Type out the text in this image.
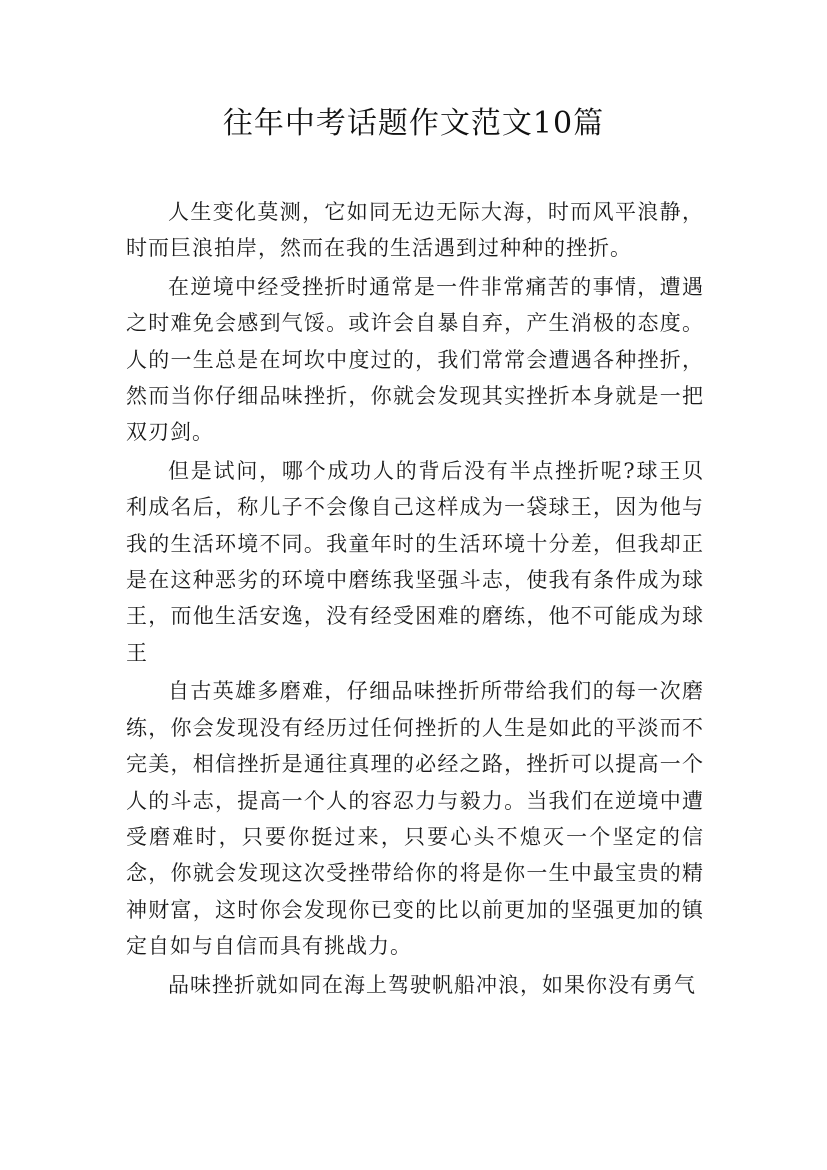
往年中考话题作文范文10篇

人生变化莫测，它如同无边无际大海，时而风平浪静，时而巨浪拍岸，然而在我的生活遇到过种种的挫折。

在逆境中经受挫折时通常是一件非常痛苦的事情，遭遇之时难免会感到气馁。或许会自暴自弃，产生消极的态度。人的一生总是在坷坎中度过的，我们常常会遭遇各种挫折，然而当你仔细品味挫折，你就会发现其实挫折本身就是一把双刃剑。

但是试问，哪个成功人的背后没有半点挫折呢?球王贝利成名后，称儿子不会像自己这样成为一袋球王，因为他与我的生活环境不同。我童年时的生活环境十分差，但我却正是在这种恶劣的环境中磨练我坚强斗志，使我有条件成为球王，而他生活安逸，没有经受困难的磨练，他不可能成为球王

自古英雄多磨难，仔细品味挫折所带给我们的每一次磨练，你会发现没有经历过任何挫折的人生是如此的平淡而不完美，相信挫折是通往真理的必经之路，挫折可以提高一个人的斗志，提高一个人的容忍力与毅力。当我们在逆境中遭受磨难时，只要你挺过来，只要心头不熄灭一个坚定的信念，你就会发现这次受挫带给你的将是你一生中最宝贵的精神财富，这时你会发现你已变的比以前更加的坚强更加的镇定自如与自信而具有挑战力。

品味挫折就如同在海上驾驶帆船冲浪，如果你没有勇气
